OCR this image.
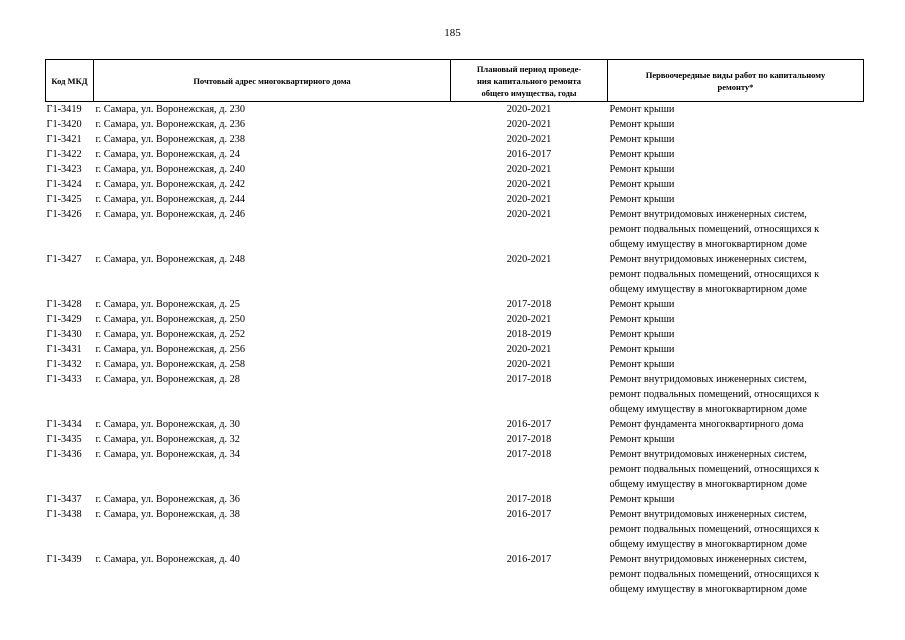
185
Код МКД	Почтовый адрес многоквартирного дома	Плановый период проведе-
ния капитального ремонта
общего имущества, годы	Первоочередные виды работ по капитальному
ремонту*

Г1-3419	г. Самара, ул. Воронежская, д. 230	2020-2021	Ремонт крыши

Г1-3420	г. Самара, ул. Воронежская, д. 236	2020-2021	Ремонт крыши

Г1-3421	г. Самара, ул. Воронежская, д. 238	2020-2021	Ремонт крыши

Г1-3422	г. Самара, ул. Воронежская, д. 24	2016-2017	Ремонт крыши

Г1-3423	г. Самара, ул. Воронежская, д. 240	2020-2021	Ремонт крыши

Г1-3424	г. Самара, ул. Воронежская, д. 242	2020-2021	Ремонт крыши

Г1-3425	г. Самара, ул. Воронежская, д. 244	2020-2021	Ремонт крыши

Г1-3426	г. Самара, ул. Воронежская, д. 246	2020-2021	Ремонт внутридомовых инженерных систем,
ремонт подвальных помещений, относящихся к
общему имуществу в многоквартирном доме

Г1-3427	г. Самара, ул. Воронежская, д. 248	2020-2021	Ремонт внутридомовых инженерных систем,
ремонт подвальных помещений, относящихся к
общему имуществу в многоквартирном доме

Г1-3428	г. Самара, ул. Воронежская, д. 25	2017-2018	Ремонт крыши

Г1-3429	г. Самара, ул. Воронежская, д. 250	2020-2021	Ремонт крыши

Г1-3430	г. Самара, ул. Воронежская, д. 252	2018-2019	Ремонт крыши

Г1-3431	г. Самара, ул. Воронежская, д. 256	2020-2021	Ремонт крыши

Г1-3432	г. Самара, ул. Воронежская, д. 258	2020-2021	Ремонт крыши

Г1-3433	г. Самара, ул. Воронежская, д. 28	2017-2018	Ремонт внутридомовых инженерных систем,
ремонт подвальных помещений, относящихся к
общему имуществу в многоквартирном доме

Г1-3434	г. Самара, ул. Воронежская, д. 30	2016-2017	Ремонт фундамента многоквартирного дома

Г1-3435	г. Самара, ул. Воронежская, д. 32	2017-2018	Ремонт крыши

Г1-3436	г. Самара, ул. Воронежская, д. 34	2017-2018	Ремонт внутридомовых инженерных систем,
ремонт подвальных помещений, относящихся к
общему имуществу в многоквартирном доме

Г1-3437	г. Самара, ул. Воронежская, д. 36	2017-2018	Ремонт крыши

Г1-3438	г. Самара, ул. Воронежская, д. 38	2016-2017	Ремонт внутридомовых инженерных систем,
ремонт подвальных помещений, относящихся к
общему имуществу в многоквартирном доме

Г1-3439	г. Самара, ул. Воронежская, д. 40	2016-2017	Ремонт внутридомовых инженерных систем,
ремонт подвальных помещений, относящихся к
общему имуществу в многоквартирном доме
